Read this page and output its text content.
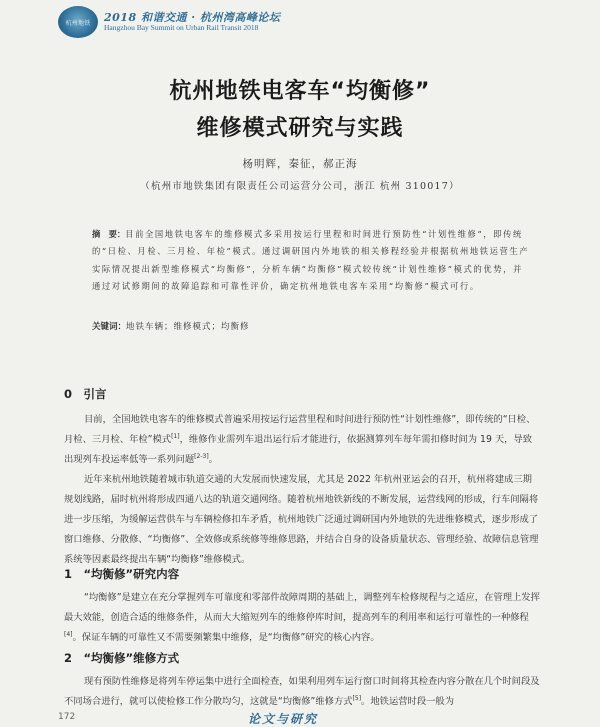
杭州地铁	2018 和谐交通 · 杭州湾高峰论坛
Hangzhou Bay Summit on Urban Rail Transit 2018
杭州地铁电客车“均衡修”
维修模式研究与实践
杨明辉，秦征，郝正海
（杭州市地铁集团有限责任公司运营分公司，浙江 杭州 310017）
摘　要：目前全国地铁电客车的维修模式多采用按运行里程和时间进行预防性“计划性维修”，即传统的“日检、月检、三月检、年检”模式。通过调研国内外地铁的相关修程经验并根据杭州地铁运营生产实际情况提出新型维修模式“均衡修”，分析车辆“均衡修”模式较传统“计划性维修”模式的优势，并通过对试修期间的故障追踪和可靠性评价，确定杭州地铁电客车采用“均衡修”模式可行。
关键词：地铁车辆；维修模式；均衡修
0　引言
目前，全国地铁电客车的维修模式普遍采用按运行运营里程和时间进行预防性“计划性维修”，即传统的“日检、月检、三月检、年检”模式[1]，维修作业需列车退出运行后才能进行，依据测算列车每年需扣修时间为 19 天，导致出现列车投运率低等一系列问题[2-3]。
近年来杭州地铁随着城市轨道交通的大发展而快速发展，尤其是 2022 年杭州亚运会的召开，杭州将建成三期规划线路，届时杭州将形成四通八达的轨道交通网络。随着杭州地铁新线的不断发展，运营线网的形成，行车间隔将进一步压缩，为缓解运营供车与车辆检修扣车矛盾，杭州地铁广泛通过调研国内外地铁的先进维修模式，逐步形成了窗口维修、分散修、“均衡修”、全效修或系统修等维修思路，并结合自身的设备质量状态、管理经验、故障信息管理系统等因素最终提出车辆“均衡修”维修模式。
1　“均衡修”研究内容
“均衡修”是建立在充分掌握列车可靠度和零部件故障周期的基础上，调整列车检修规程与之适应，在管理上发挥最大效能，创造合适的维修条件，从而大大缩短列车的维修停库时间，提高列车的利用率和运行可靠性的一种修程[4]。保证车辆的可靠性又不需要频繁集中维修，是“均衡修”研究的核心内容。
2　“均衡修”维修方式
现有预防性维修是将列车停运集中进行全面检查，如果利用列车运行窗口时间将其检查内容分散在几个时间段及不同场合进行，就可以使检修工作分散均匀，这就是“均衡修”维修方式[5]。地铁运营时段一般为
172	论文与研究
